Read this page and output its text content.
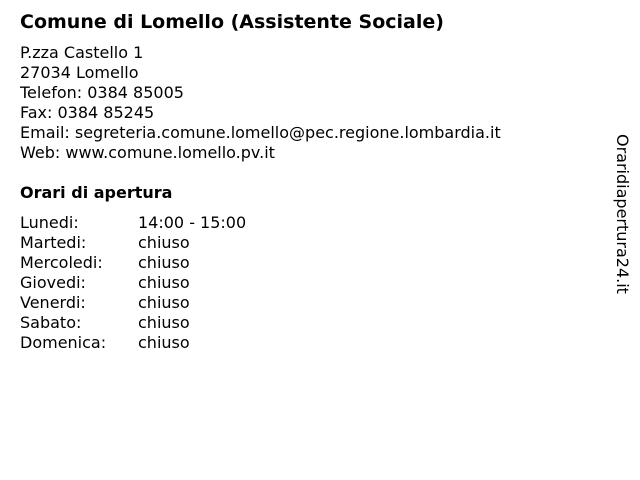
Comune di Lomello (Assistente Sociale)
P.zza Castello 1
27034 Lomello
Telefon: 0384 85005
Fax: 0384 85245
Email: segreteria.comune.lomello@pec.regione.lombardia.it
Web: www.comune.lomello.pv.it
Orari di apertura
Lunedi:	14:00 - 15:00
Martedi:	chiuso
Mercoledi: chiuso
Giovedi:	chiuso
Venerdi:	chiuso
Sabato:	chiuso
Domenica: chiuso
Oraridiapertura24.it
